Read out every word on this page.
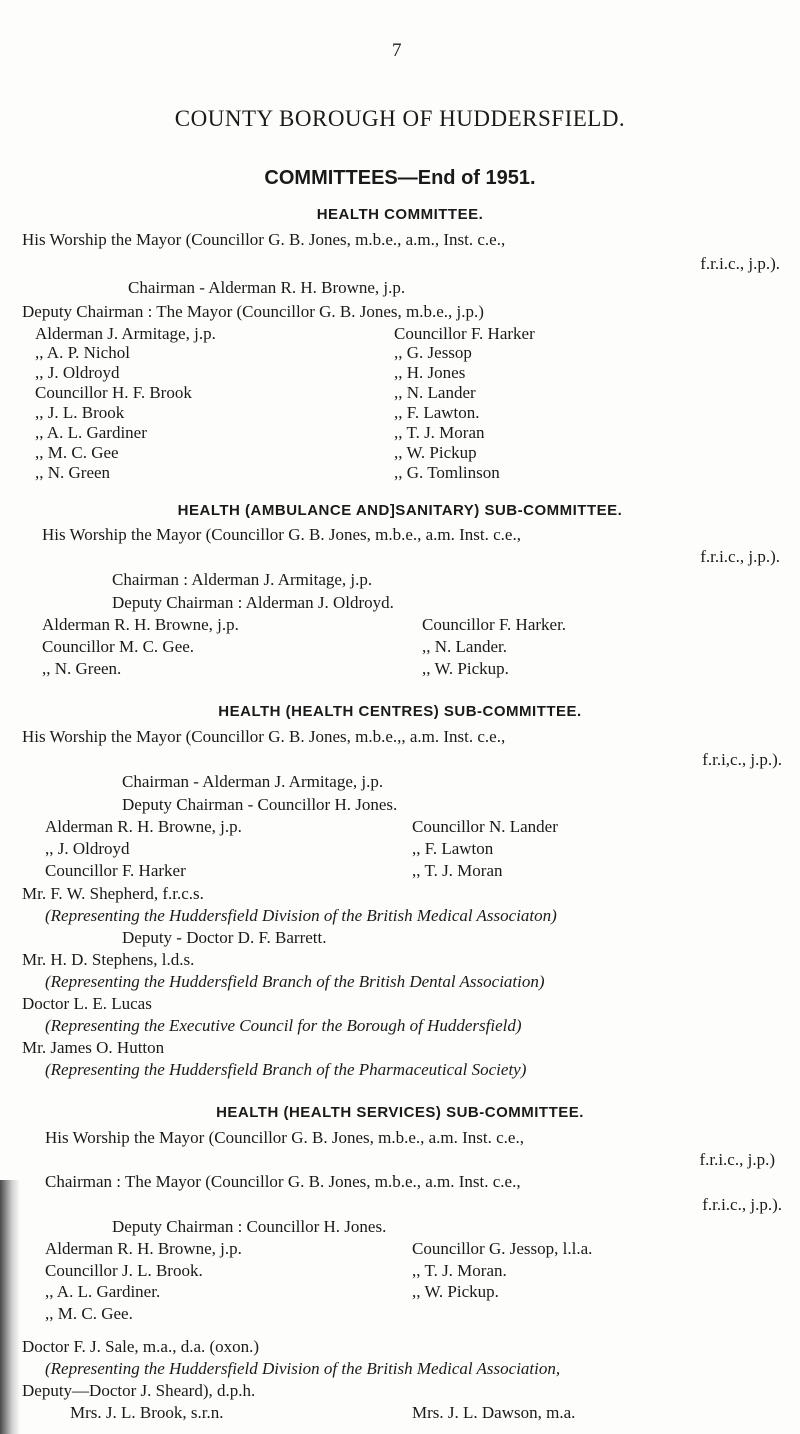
7
COUNTY BOROUGH OF HUDDERSFIELD.
COMMITTEES—End of 1951.
HEALTH COMMITTEE.
His Worship the Mayor (Councillor G. B. Jones, m.b.e., a.m., Inst. c.e.,
f.r.i.c., j.p.).
Chairman - Alderman R. H. Browne, j.p.
Deputy Chairman : The Mayor (Councillor G. B. Jones, m.b.e., j.p.)
Alderman J. Armitage, j.p.
,, A. P. Nichol
,, J. Oldroyd
Councillor H. F. Brook
,, J. L. Brook
,, A. L. Gardiner
,, M. C. Gee
,, N. Green
Councillor F. Harker
,, G. Jessop
,, H. Jones
,, N. Lander
,, F. Lawton.
,, T. J. Moran
,, W. Pickup
,, G. Tomlinson
HEALTH (AMBULANCE AND]SANITARY) SUB-COMMITTEE.
His Worship the Mayor (Councillor G. B. Jones, m.b.e., a.m. Inst. c.e.,
f.r.i.c., j.p.).
Chairman : Alderman J. Armitage, j.p.
Deputy Chairman : Alderman J. Oldroyd.
Alderman R. H. Browne, j.p.
Councillor M. C. Gee.
,, N. Green.
Councillor F. Harker.
,, N. Lander.
,, W. Pickup.
HEALTH (HEALTH CENTRES) SUB-COMMITTEE.
His Worship the Mayor (Councillor G. B. Jones, m.b.e.,, a.m. Inst. c.e.,
f.r.i,c., j.p.).
Chairman - Alderman J. Armitage, j.p.
Deputy Chairman - Councillor H. Jones.
Alderman R. H. Browne, j.p.
,, J. Oldroyd
Councillor F. Harker
Councillor N. Lander
,, F. Lawton
,, T. J. Moran
Mr. F. W. Shepherd, f.r.c.s.
(Representing the Huddersfield Division of the British Medical Associaton)
Deputy - Doctor D. F. Barrett.
Mr. H. D. Stephens, l.d.s.
(Representing the Huddersfield Branch of the British Dental Association)
Doctor L. E. Lucas
(Representing the Executive Council for the Borough of Huddersfield)
Mr. James O. Hutton
(Representing the Huddersfield Branch of the Pharmaceutical Society)
HEALTH (HEALTH SERVICES) SUB-COMMITTEE.
His Worship the Mayor (Councillor G. B. Jones, m.b.e., a.m. Inst. c.e.,
f.r.i.c., j.p.)
Chairman : The Mayor (Councillor G. B. Jones, m.b.e., a.m. Inst. c.e.,
f.r.i.c., j.p.).
Deputy Chairman : Councillor H. Jones.
Alderman R. H. Browne, j.p.
Councillor J. L. Brook.
,, A. L. Gardiner.
,, M. C. Gee.
Councillor G. Jessop, l.l.a.
,, T. J. Moran.
,, W. Pickup.
Doctor F. J. Sale, m.a., d.a. (oxon.)
(Representing the Huddersfield Division of the British Medical Association,
Deputy—Doctor J. Sheard), d.p.h.
Mrs. J. L. Brook, s.r.n.	Mrs. J. L. Dawson, m.a.
